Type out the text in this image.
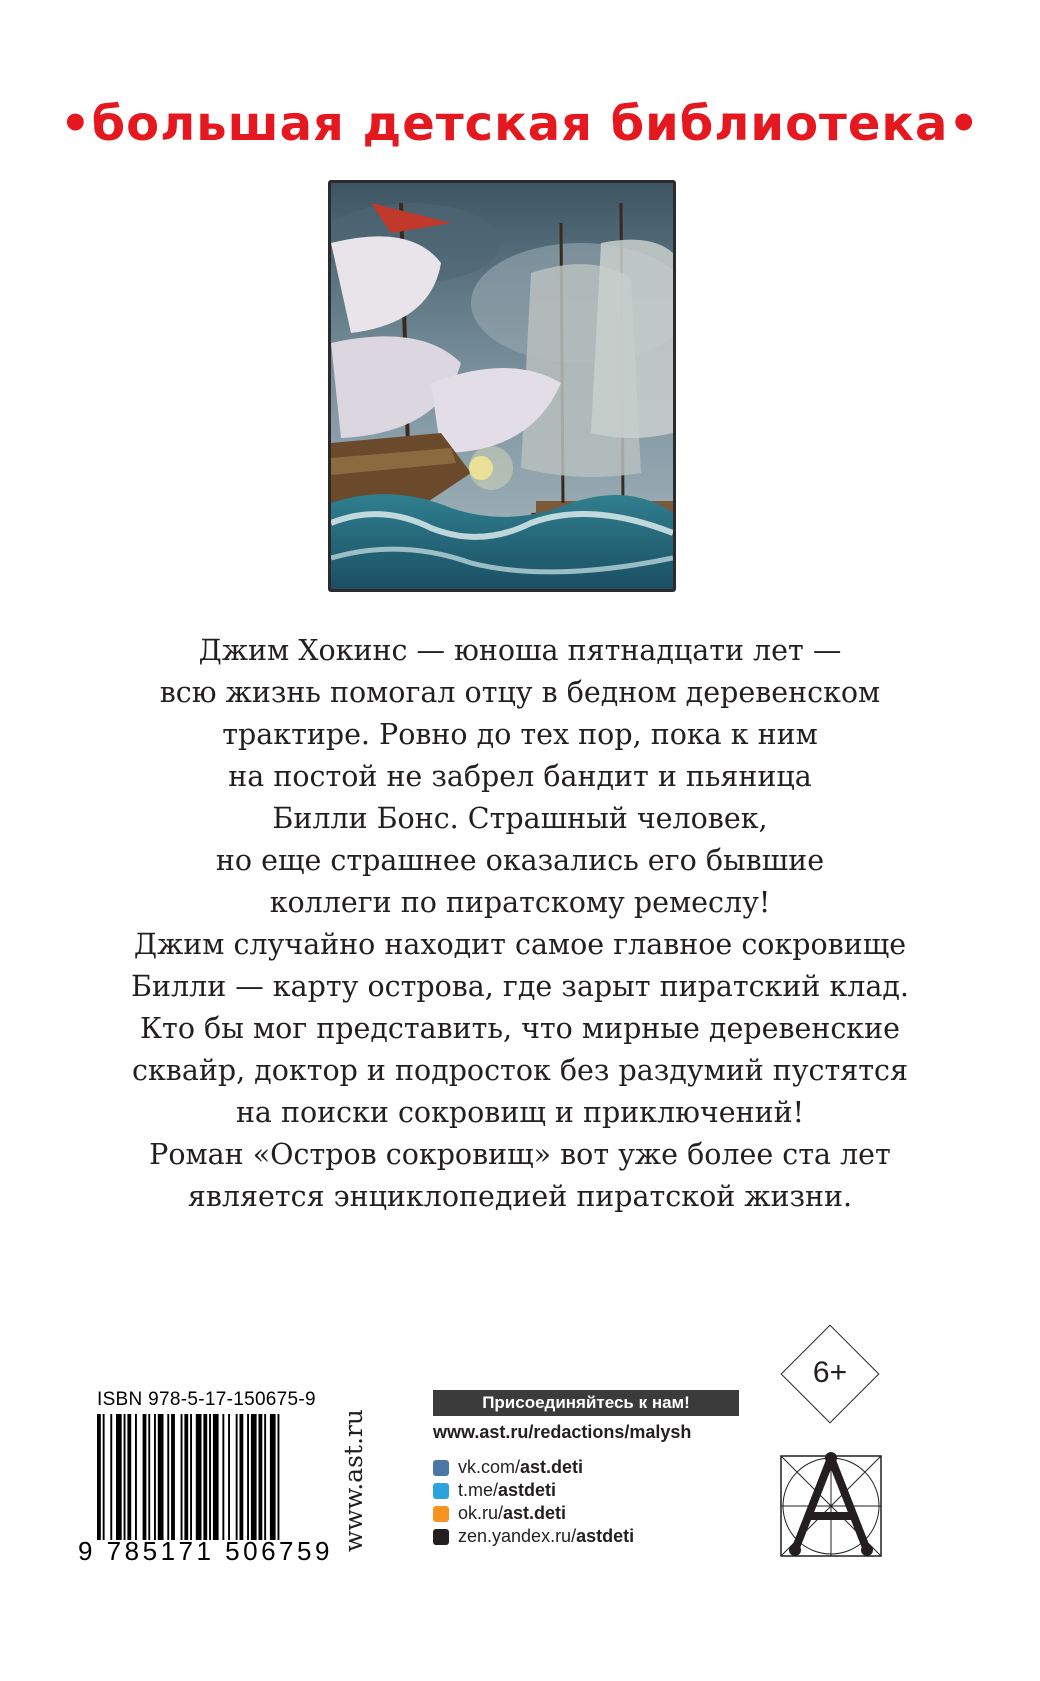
•большая детская библиотека•
Джим Хокинс — юноша пятнадцати лет —
всю жизнь помогал отцу в бедном деревенском
трактире. Ровно до тех пор, пока к ним
на постой не забрел бандит и пьяница
Билли Бонс. Страшный человек,
но еще страшнее оказались его бывшие
коллеги по пиратскому ремеслу!
Джим случайно находит самое главное сокровище
Билли — карту острова, где зарыт пиратский клад.
Кто бы мог представить, что мирные деревенские
сквайр, доктор и подросток без раздумий пустятся
на поиски сокровищ и приключений!
Роман «Остров сокровищ» вот уже более ста лет
является энциклопедией пиратской жизни.
ISBN 978-5-17-150675-9
9 785171 506759 www.ast.ru
Присоединяйтесь к нам!
www.ast.ru/redactions/malysh
vk.com/ ast.deti
t.me/ astdeti
ok.ru/ ast.deti
zen.yandex.ru/ astdeti
6+
